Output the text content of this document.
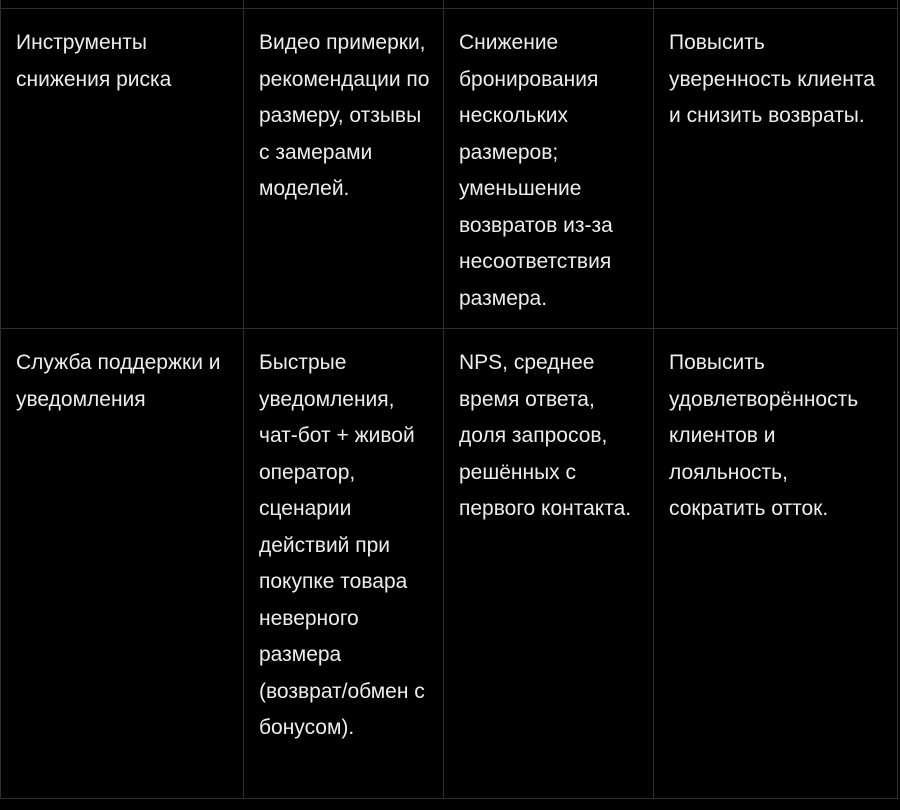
Инструменты снижения риска	Видео примерки, рекомендации по размеру, отзывы с замерами моделей.	Снижение бронирования нескольких размеров; уменьшение возвратов из-за несоответствия размера.	Повысить уверенность клиента и снизить возвраты.
Служба поддержки и уведомления	Быстрые уведомления, чат-бот + живой оператор, сценарии действий при покупке товара неверного размера (возврат/обмен с бонусом).	NPS, среднее время ответа, доля запросов, решённых с первого контакта.	Повысить удовлетворённость клиентов и лояльность, сократить отток.
